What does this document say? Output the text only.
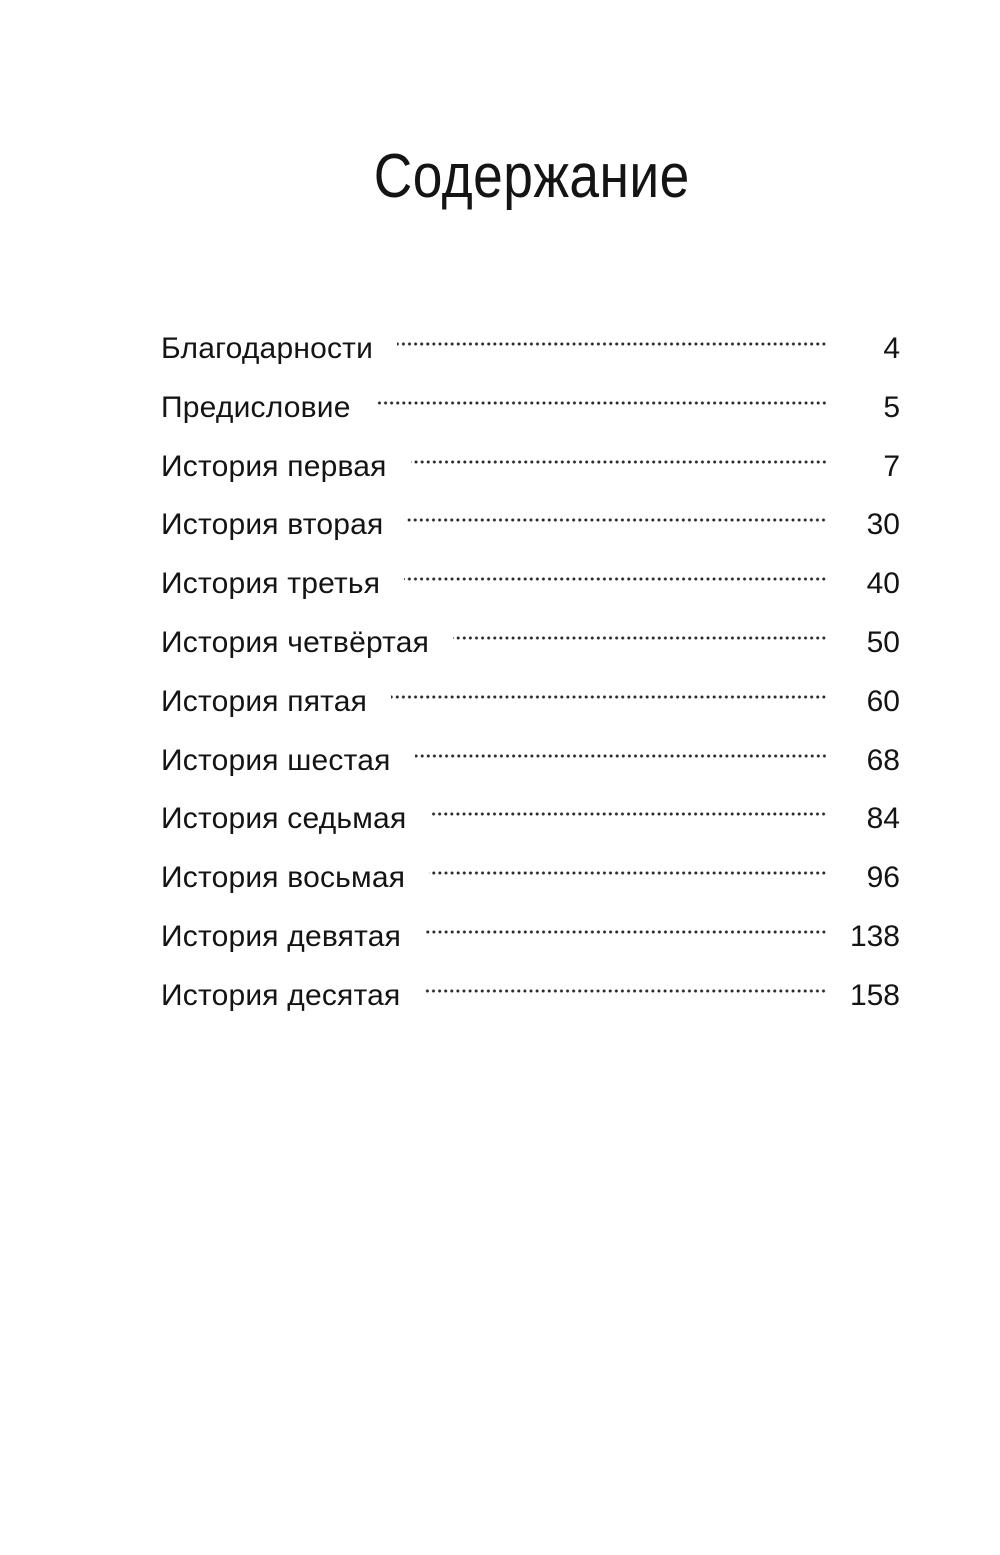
Содержание
Благодарности	4
Предисловие	5
История первая	7
История вторая	30
История третья	40
История четвёртая	50
История пятая	60
История шестая	68
История седьмая	84
История восьмая	96
История девятая	138
История десятая	158
